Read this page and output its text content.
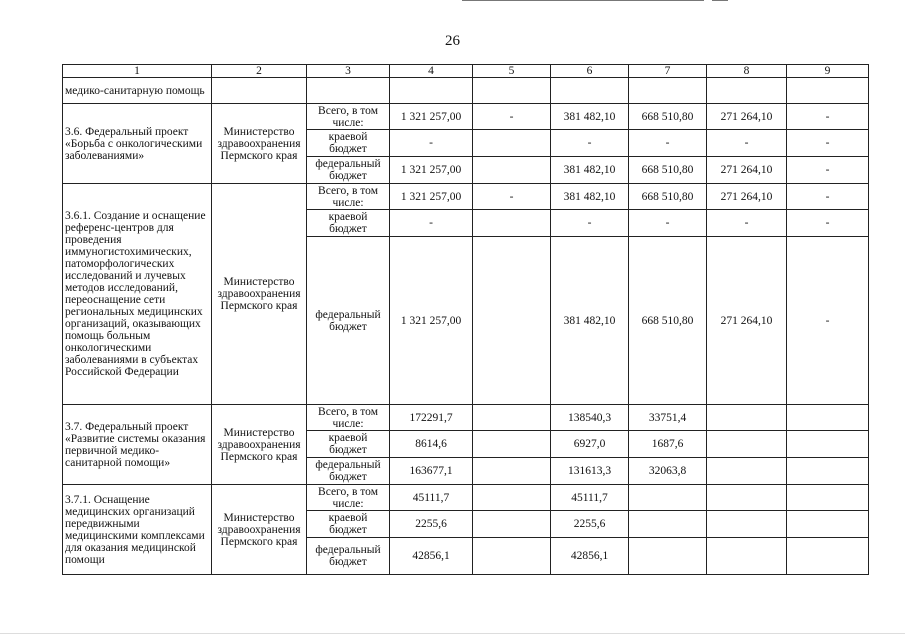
26
1	2	3	4	5	6	7	8	9
медико-санитарную помощь								
3.6. Федеральный проект «Борьба с онкологическими заболеваниями»	Министерство здравоохранения Пермского края	Всего, в том числе:	1 321 257,00	-	381 482,10	668 510,80	271 264,10	-
		краевой бюджет	-		-	-	-	-
		федеральный бюджет	1 321 257,00		381 482,10	668 510,80	271 264,10	-
3.6.1. Создание и оснащение референс-центров для проведения иммуногистохимических, патоморфологических исследований и лучевых методов исследований, переоснащение сети региональных медицинских организаций, оказывающих помощь больным онкологическими заболеваниями в субъектах Российской Федерации	Министерство здравоохранения Пермского края	Всего, в том числе:	1 321 257,00	-	381 482,10	668 510,80	271 264,10	-
		краевой бюджет	-		-	-	-	-
		федеральный бюджет	1 321 257,00		381 482,10	668 510,80	271 264,10	-
3.7. Федеральный проект «Развитие системы оказания первичной медико-санитарной помощи»	Министерство здравоохранения Пермского края	Всего, в том числе:	172291,7		138540,3	33751,4		
		краевой бюджет	8614,6		6927,0	1687,6		
		федеральный бюджет	163677,1		131613,3	32063,8		
3.7.1. Оснащение медицинских организаций передвижными медицинскими комплексами для оказания медицинской помощи	Министерство здравоохранения Пермского края	Всего, в том числе:	45111,7		45111,7			
		краевой бюджет	2255,6		2255,6			
		федеральный бюджет	42856,1		42856,1			
